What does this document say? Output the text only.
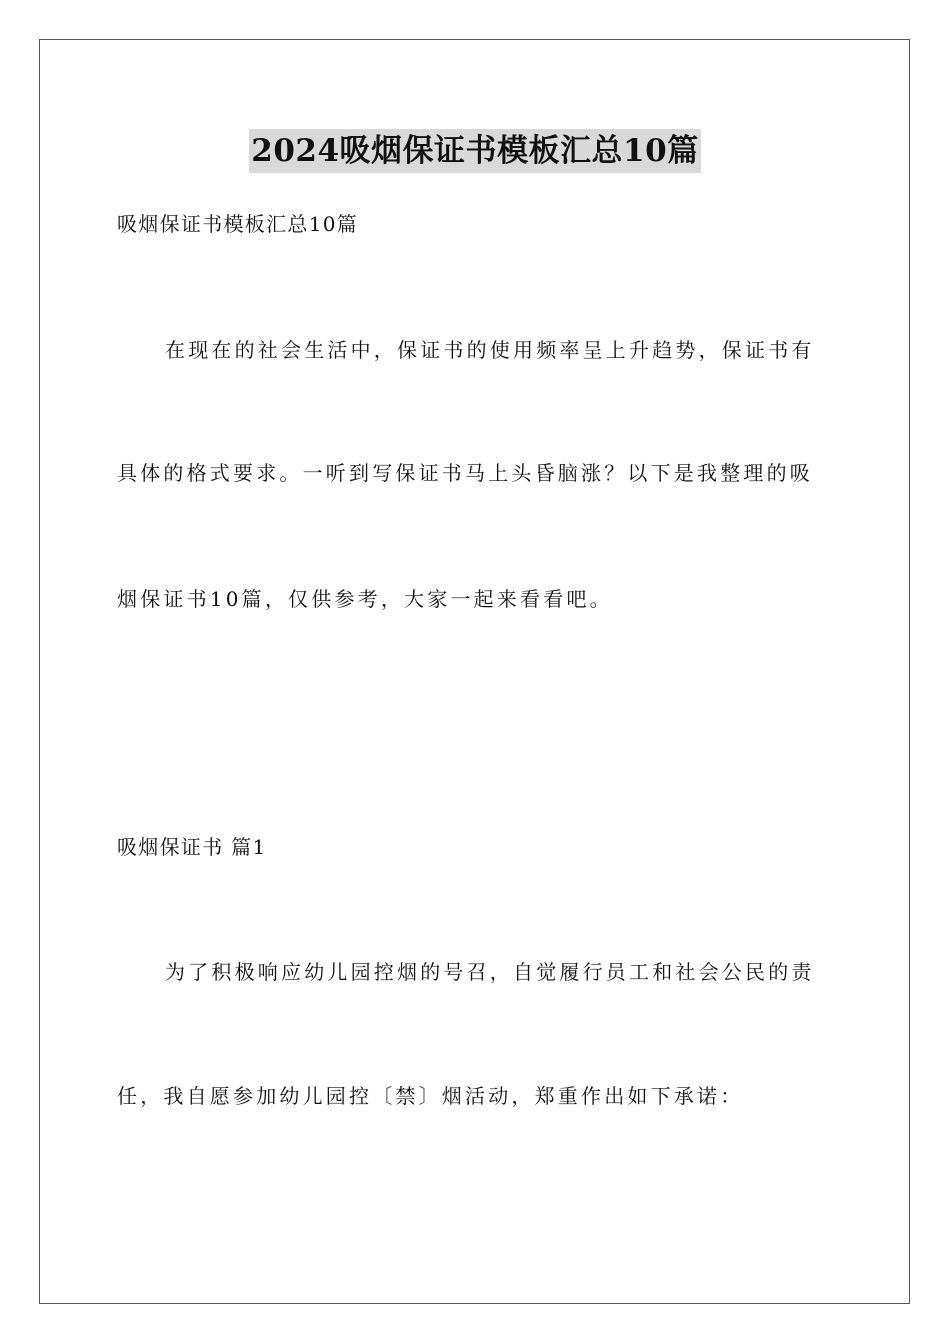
2024吸烟保证书模板汇总10篇

吸烟保证书模板汇总10篇

在现在的社会生活中，保证书的使用频率呈上升趋势，保证书有

具体的格式要求。一听到写保证书马上头昏脑涨？以下是我整理的吸

烟保证书10篇，仅供参考，大家一起来看看吧。

吸烟保证书 篇1

为了积极响应幼儿园控烟的号召，自觉履行员工和社会公民的责

任，我自愿参加幼儿园控〔禁〕烟活动，郑重作出如下承诺：
